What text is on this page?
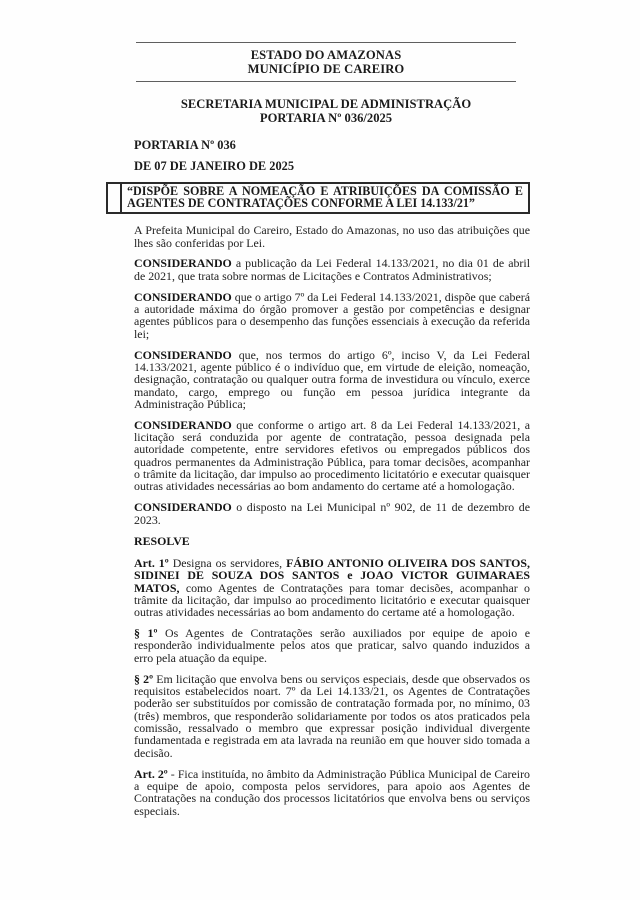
ESTADO DO AMAZONAS
MUNICÍPIO DE CAREIRO
SECRETARIA MUNICIPAL DE ADMINISTRAÇÃO
PORTARIA Nº 036/2025

PORTARIA Nº 036

DE 07 DE JANEIRO DE 2025

“DISPÕE SOBRE A NOMEAÇÃO E ATRIBUIÇÕES DA COMISSÃO E AGENTES DE CONTRATAÇÕES CONFORME A LEI 14.133/21”

A Prefeita Municipal do Careiro, Estado do Amazonas, no uso das atribuições que lhes são conferidas por Lei.

CONSIDERANDO a publicação da Lei Federal 14.133/2021, no dia 01 de abril de 2021, que trata sobre normas de Licitações e Contratos Administrativos;

CONSIDERANDO que o artigo 7º da Lei Federal 14.133/2021, dispõe que caberá a autoridade máxima do órgão promover a gestão por competências e designar agentes públicos para o desempenho das funções essenciais à execução da referida lei;

CONSIDERANDO que, nos termos do artigo 6º, inciso V, da Lei Federal 14.133/2021, agente público é o indivíduo que, em virtude de eleição, nomeação, designação, contratação ou qualquer outra forma de investidura ou vínculo, exerce mandato, cargo, emprego ou função em pessoa jurídica integrante da Administração Pública;

CONSIDERANDO que conforme o artigo art. 8 da Lei Federal 14.133/2021, a licitação será conduzida por agente de contratação, pessoa designada pela autoridade competente, entre servidores efetivos ou empregados públicos dos quadros permanentes da Administração Pública, para tomar decisões, acompanhar o trâmite da licitação, dar impulso ao procedimento licitatório e executar quaisquer outras atividades necessárias ao bom andamento do certame até a homologação.

CONSIDERANDO o disposto na Lei Municipal nº 902, de 11 de dezembro de 2023.

RESOLVE

Art. 1º Designa os servidores, FÁBIO ANTONIO OLIVEIRA DOS SANTOS, SIDINEI DE SOUZA DOS SANTOS e JOAO VICTOR GUIMARAES MATOS, como Agentes de Contratações para tomar decisões, acompanhar o trâmite da licitação, dar impulso ao procedimento licitatório e executar quaisquer outras atividades necessárias ao bom andamento do certame até a homologação.

§ 1º Os Agentes de Contratações serão auxiliados por equipe de apoio e responderão individualmente pelos atos que praticar, salvo quando induzidos a erro pela atuação da equipe.

§ 2º Em licitação que envolva bens ou serviços especiais, desde que observados os requisitos estabelecidos noart. 7º da Lei 14.133/21, os Agentes de Contratações poderão ser substituídos por comissão de contratação formada por, no mínimo, 03 (três) membros, que responderão solidariamente por todos os atos praticados pela comissão, ressalvado o membro que expressar posição individual divergente fundamentada e registrada em ata lavrada na reunião em que houver sido tomada a decisão.

Art. 2º - Fica instituída, no âmbito da Administração Pública Municipal de Careiro a equipe de apoio, composta pelos servidores, para apoio aos Agentes de Contratações na condução dos processos licitatórios que envolva bens ou serviços especiais.
